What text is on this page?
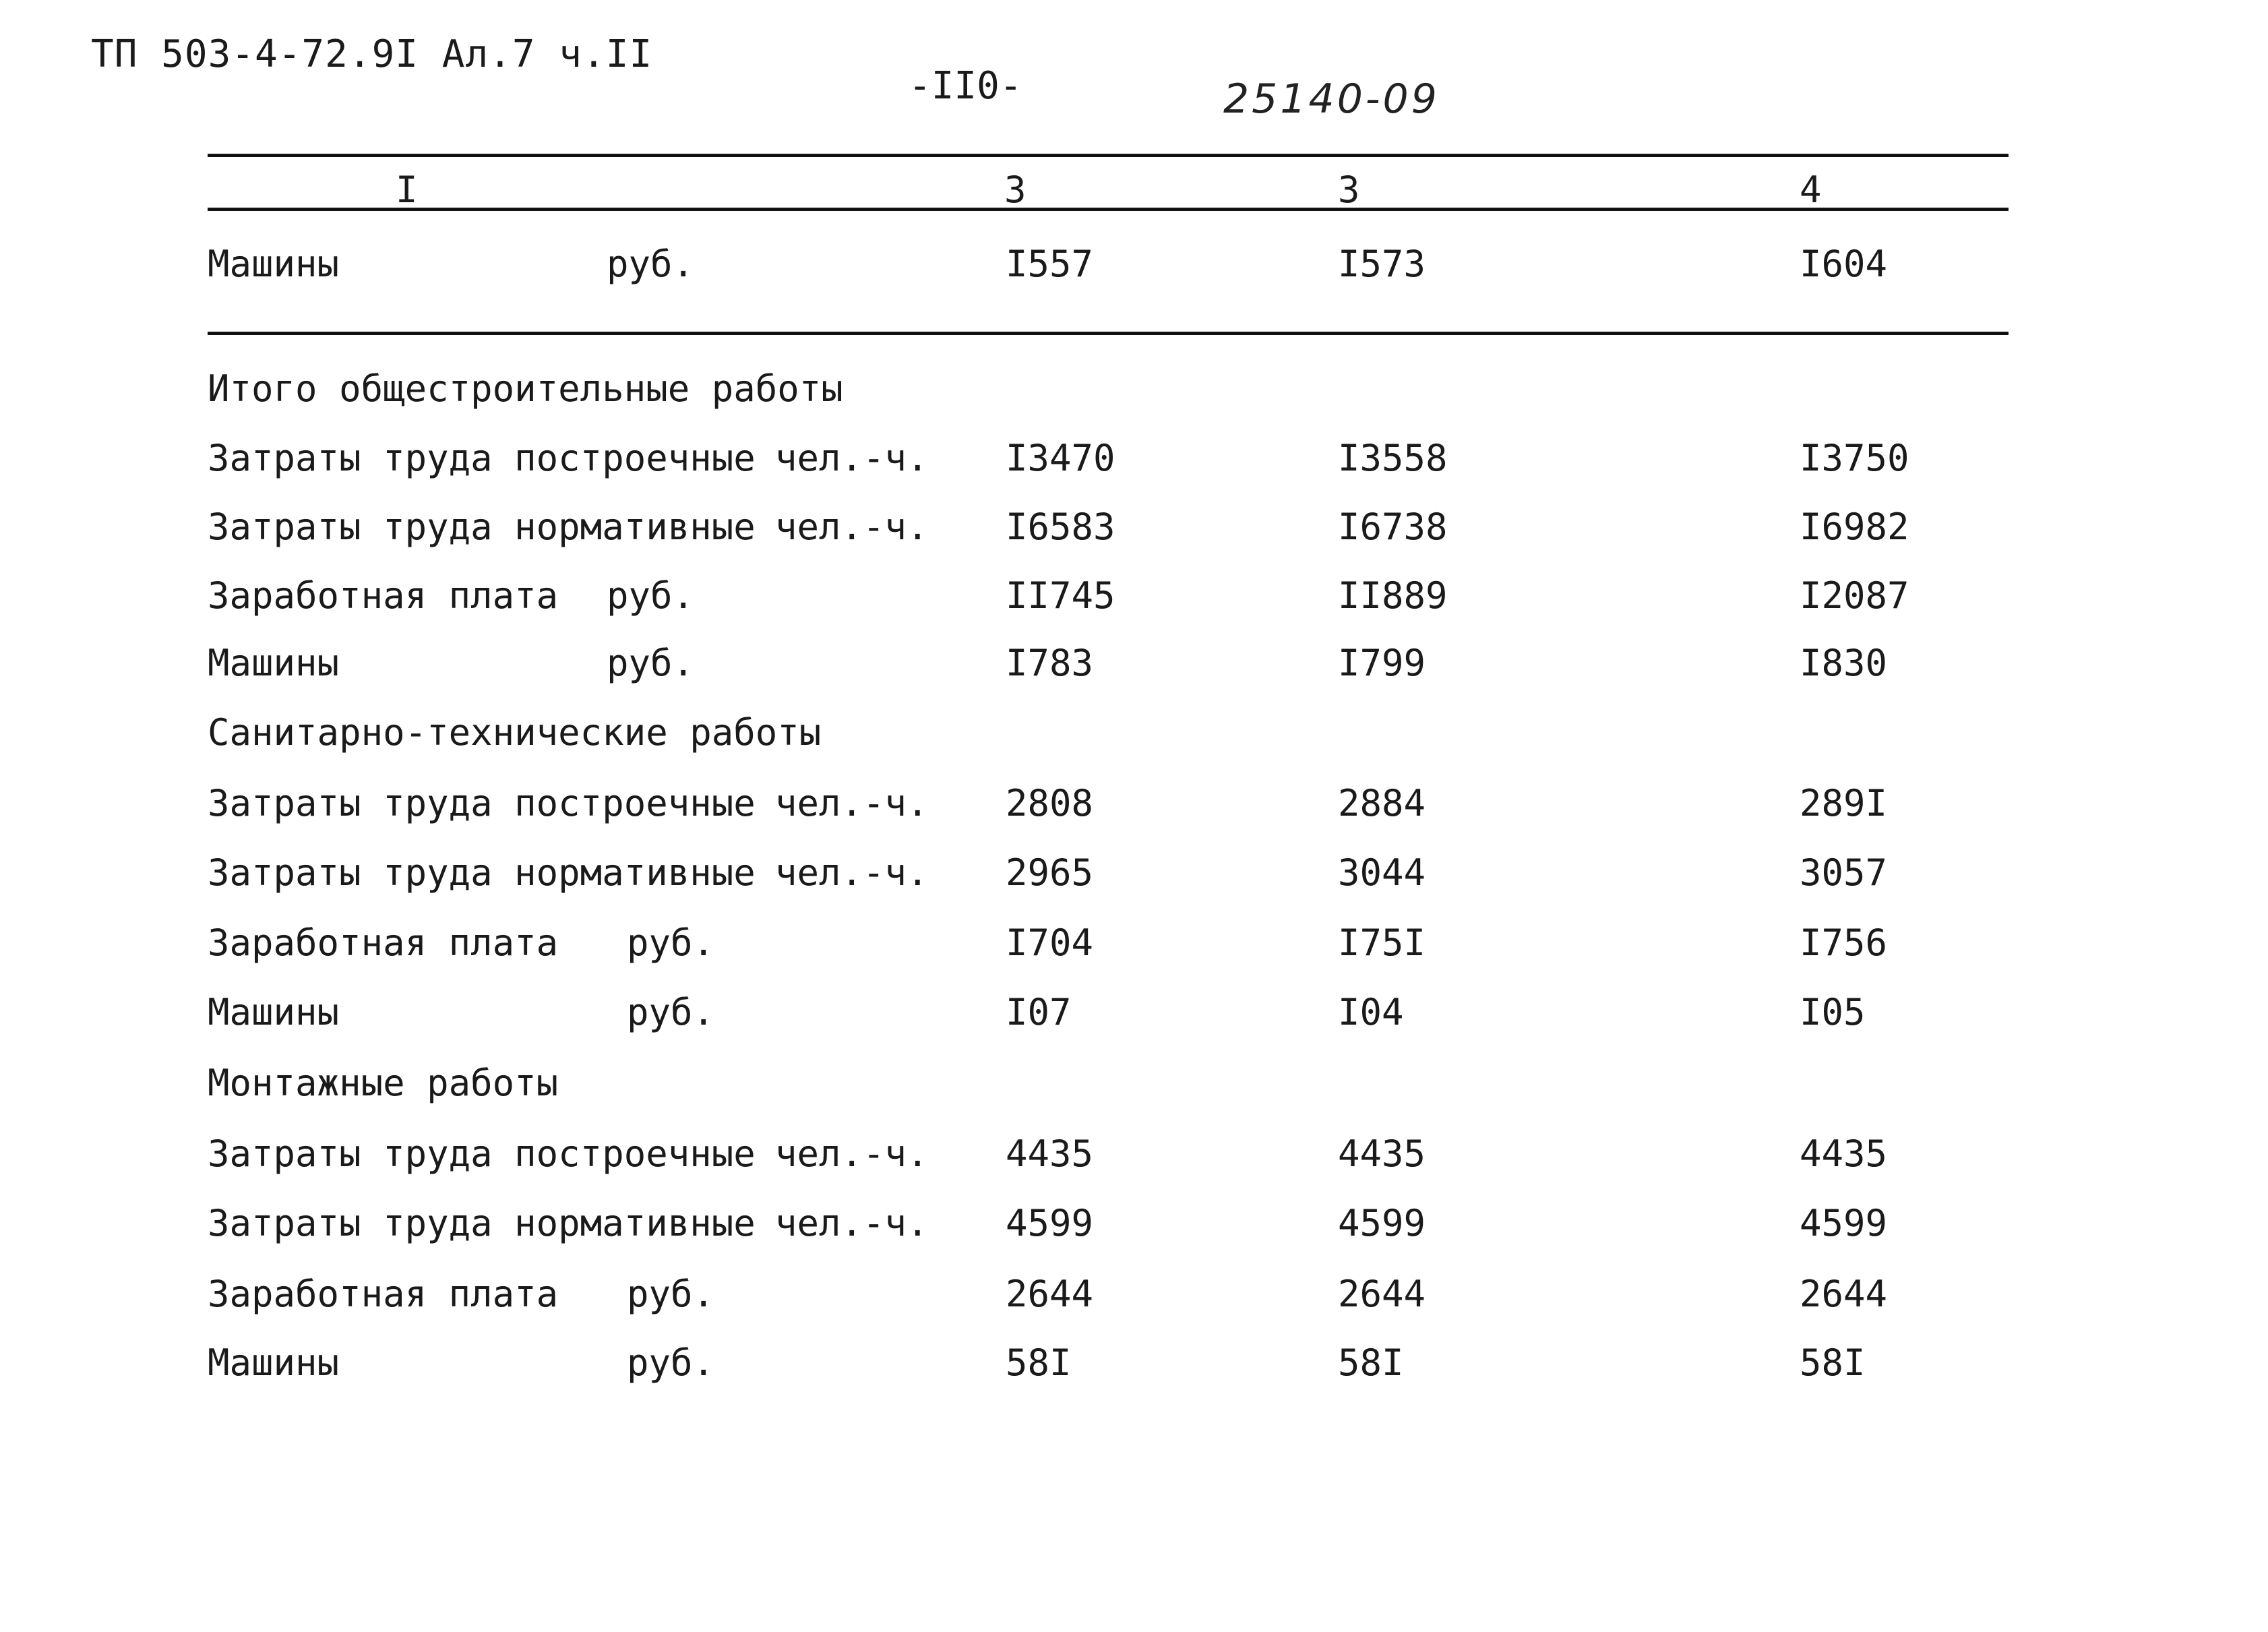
ТП 503-4-72.9I Ал.7 ч.II
-II0-	25140-09
I	3	3	4
Машины	руб.	I557	I573	I604
Итого общестроительные работы
Затраты труда построечные чел.-ч. I3470	I3558	I3750
Затраты труда нормативные чел.-ч. I6583	I6738	I6982
Заработная плата руб.	II745	II889	I2087
Машины	руб.	I783	I799	I830
Санитарно-технические работы
Затраты труда построечные чел.-ч. 2808	2884	289I
Затраты труда нормативные чел.-ч. 2965	3044	3057
Заработная плата руб.	I704	I75I	I756
Машины	руб.	I07	I04	I05
Монтажные работы
Затраты труда построечные чел.-ч. 4435	4435	4435
Затраты труда нормативные чел.-ч. 4599	4599	4599
Заработная плата руб.	2644	2644	2644
Машины	руб.	58I	58I	58I
